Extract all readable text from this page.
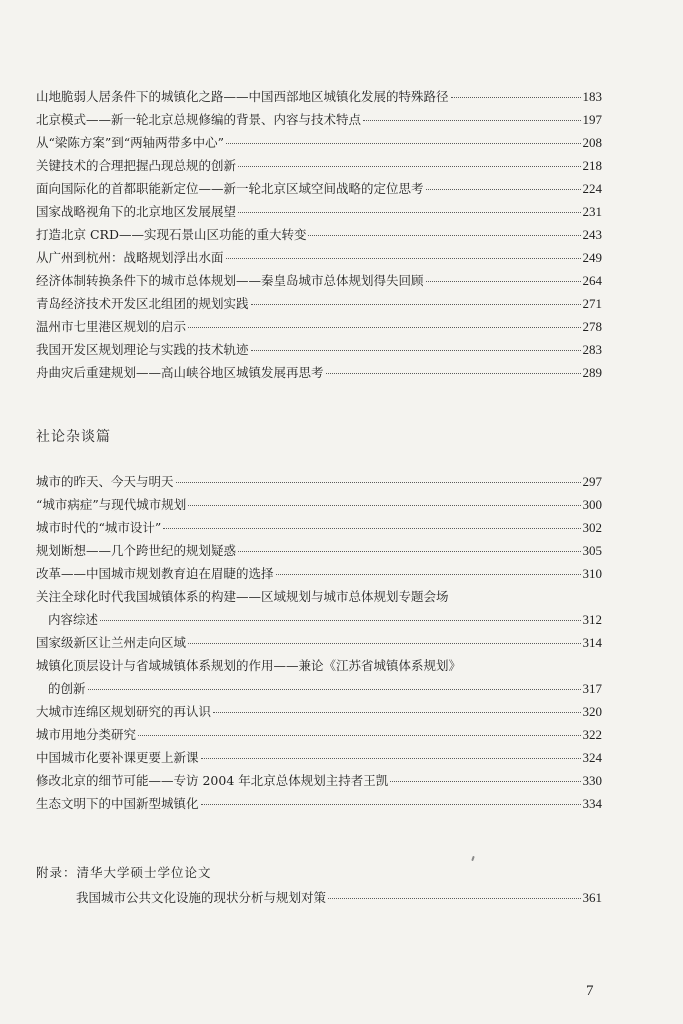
山地脆弱人居条件下的城镇化之路——中国西部地区城镇化发展的特殊路径	183
北京模式——新一轮北京总规修编的背景、内容与技术特点	197
从“梁陈方案”到“两轴两带多中心”	208
关键技术的合理把握凸现总规的创新	218
面向国际化的首都职能新定位——新一轮北京区域空间战略的定位思考	224
国家战略视角下的北京地区发展展望	231
打造北京 CRD——实现石景山区功能的重大转变	243
从广州到杭州：战略规划浮出水面	249
经济体制转换条件下的城市总体规划——秦皇岛城市总体规划得失回顾	264
青岛经济技术开发区北组团的规划实践	271
温州市七里港区规划的启示	278
我国开发区规划理论与实践的技术轨迹	283
舟曲灾后重建规划——高山峡谷地区城镇发展再思考	289
社论杂谈篇
城市的昨天、今天与明天	297
“城市病症”与现代城市规划	300
城市时代的“城市设计”	302
规划断想——几个跨世纪的规划疑惑	305
改革——中国城市规划教育迫在眉睫的选择	310
关注全球化时代我国城镇体系的构建——区域规划与城市总体规划专题会场
内容综述	312
国家级新区让兰州走向区域	314
城镇化顶层设计与省域城镇体系规划的作用——兼论《江苏省城镇体系规划》
的创新	317
大城市连绵区规划研究的再认识	320
城市用地分类研究	322
中国城市化要补课更要上新课	324
修改北京的细节可能——专访 2004 年北京总体规划主持者王凯	330
生态文明下的中国新型城镇化	334
附录：清华大学硕士学位论文
我国城市公共文化设施的现状分析与规划对策	361
7
